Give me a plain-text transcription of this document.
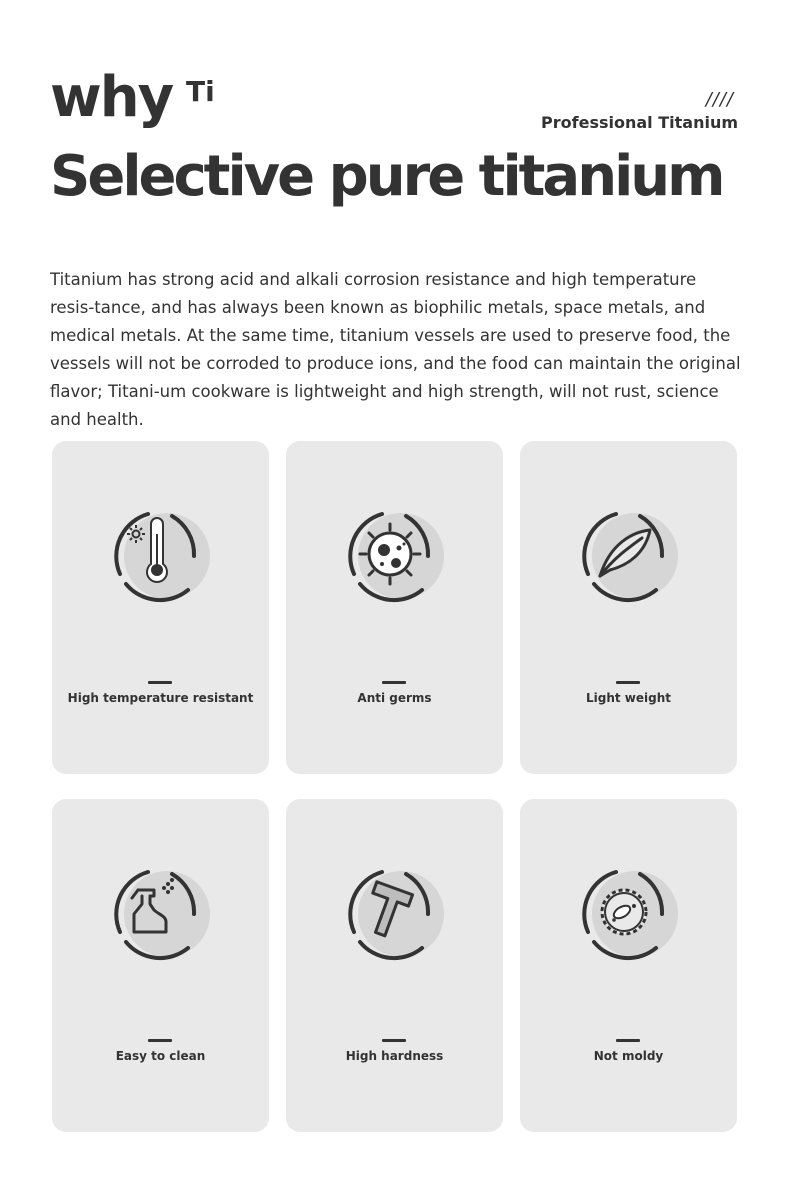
why Ti	////
Professional Titanium
Selective pure titanium
Titanium has strong acid and alkali corrosion resistance and high temperature resis-tance, and has always been known as biophilic metals, space metals, and medical metals. At the same time, titanium vessels are used to preserve food, the vessels will not be corroded to produce ions, and the food can maintain the original flavor; Titani-um cookware is lightweight and high strength, will not rust, science and health.
High temperature resistant	Anti germs	Light weight
Easy to clean	High hardness	Not moldy
